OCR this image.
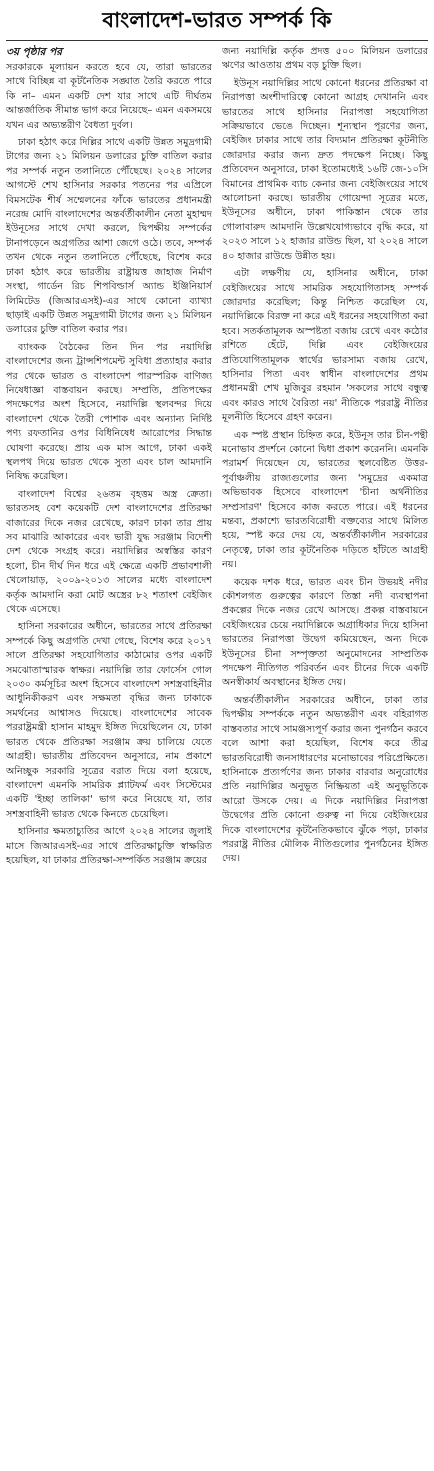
বাংলাদেশ-ভারত সম্পর্ক কি
৩য় পৃষ্ঠার পর

সরকারকে মূল্যায়ন করতে হবে যে, তারা ভারতের সাথে বিচ্ছিন্ন বা কূটনৈতিক সঙ্ঘাত তৈরি করতে পারে কি না– এমন একটি দেশ যার সাথে এটি দীর্ঘতম আন্তর্জাতিক সীমান্ত ভাগ করে নিয়েছে– এমন একসময়ে যখন এর অভ্যন্তরীণ বৈধতা দুর্বল।

ঢাকা হঠাৎ করে দিল্লির সাথে একটি উন্নত সমুদ্রগামী টাগের জন্য ২১ মিলিয়ন ডলারের চুক্তি বাতিল করার পর সম্পর্ক নতুন তলানিতে পৌঁছেছে। ২০২৪ সালের আগস্টে শেখ হাসিনার সরকার পতনের পর এপ্রিলে বিমসটেক শীর্ষ সম্মেলনের ফাঁকে ভারতের প্রধানমন্ত্রী নরেন্দ্র মোদি বাংলাদেশের অন্তর্বর্তীকালীন নেতা মুহাম্মদ ইউনূসের সাথে দেখা করলে, দ্বিপক্ষীয় সম্পর্কের টানাপড়েনে অগ্রগতির আশা জেগে ওঠে। তবে, সম্পর্ক তখন থেকে নতুন তলানিতে পৌঁছেছে, বিশেষ করে ঢাকা হঠাৎ করে ভারতীয় রাষ্ট্রায়ত্ত জাহাজ নির্মাণ সংস্থা, গার্ডেন রিচ শিপবিল্ডার্স অ্যান্ড ইঞ্জিনিয়ার্স লিমিটেড (জিআরএসই)-এর সাথে কোনো ব্যাখ্যা ছাড়াই একটি উন্নত সমুদ্রগামী টাগের জন্য ২১ মিলিয়ন ডলারের চুক্তি বাতিল করার পর।

ব্যাংকক বৈঠকের তিন দিন পর নয়াদিল্লি বাংলাদেশের জন্য ট্রান্সশিপমেন্ট সুবিধা প্রত্যাহার করার পর থেকে ভারত ও বাংলাদেশ পারস্পরিক বাণিজ্য নিষেধাজ্ঞা বাস্তবায়ন করছে। সম্প্রতি, প্রতিপক্ষের পদক্ষেপের অংশ হিসেবে, নয়াদিল্লি স্থলবন্দর দিয়ে বাংলাদেশ থেকে তৈরী পোশাক এবং অন্যান্য নির্দিষ্ট পণ্য রফতানির ওপর বিধিনিষেধ আরোপের সিদ্ধান্ত ঘোষণা করেছে। প্রায় এক মাস আগে, ঢাকা একই স্থলপথ দিয়ে ভারত থেকে সুতা এবং চাল আমদানি নিষিদ্ধ করেছিল।

বাংলাদেশ বিশ্বের ২৬তম বৃহত্তম অস্ত্র ক্রেতা। ভারতসহ বেশ কয়েকটি দেশ বাংলাদেশের প্রতিরক্ষা বাজারের দিকে নজর রেখেছে, কারণ ঢাকা তার প্রায় সব মাঝারি আকারের এবং ভারী যুদ্ধ সরঞ্জাম বিদেশী দেশ থেকে সংগ্রহ করে। নয়াদিল্লির অস্বস্তির কারণ হলো, চীন দীর্ঘ দিন ধরে এই ক্ষেত্রে একটি প্রভাবশালী খেলোয়াড়, ২০০৯-২০১৩ সালের মধ্যে বাংলাদেশ কর্তৃক আমদানি করা মোট অস্ত্রের ৮২ শতাংশ বেইজিং থেকে এসেছে।

হাসিনা সরকারের অধীনে, ভারতের সাথে প্রতিরক্ষা সম্পর্কে কিছু অগ্রগতি দেখা গেছে, বিশেষ করে ২০১৭ সালে প্রতিরক্ষা সহযোগিতার কাঠামোর ওপর একটি সমঝোতাস্মারক স্বাক্ষর। নয়াদিল্লি তার ফোর্সেস গোল ২০৩০ কর্মসূচির অংশ হিসেবে বাংলাদেশ সশস্ত্রবাহিনীর আধুনিকীকরণ এবং সক্ষমতা বৃদ্ধির জন্য ঢাকাকে সমর্থনের আশ্বাসও দিয়েছে। বাংলাদেশের সাবেক পররাষ্ট্রমন্ত্রী হাসান মাহমুদ ইঙ্গিত দিয়েছিলেন যে, ঢাকা ভারত থেকে প্রতিরক্ষা সরঞ্জাম ক্রয় চালিয়ে যেতে আগ্রহী। ভারতীয় প্রতিবেদন অনুসারে, নাম প্রকাশে অনিচ্ছুক সরকারি সূত্রের বরাত দিয়ে বলা হয়েছে, বাংলাদেশ এমনকি সামরিক প্ল্যাটফর্ম এবং সিস্টেমের একটি 'ইচ্ছা তালিকা' ভাগ করে নিয়েছে যা, তার সশস্ত্রবাহিনী ভারত থেকে কিনতে চেয়েছিল।

হাসিনার ক্ষমতাচ্যুতির আগে ২০২৪ সালের জুলাই মাসে জিআরএসই-এর সাথে প্রতিরক্ষাচুক্তি স্বাক্ষরিত হয়েছিল, যা ঢাকার প্রতিরক্ষা-সম্পর্কিত সরঞ্জাম ক্রয়ের

জন্য নয়াদিল্লি কর্তৃক প্রদত্ত ৫০০ মিলিয়ন ডলারের ঋণের আওতায় প্রথম বড় চুক্তি ছিল।

ইউনূস নয়াদিল্লির সাথে কোনো ধরনের প্রতিরক্ষা বা নিরাপত্তা অংশীদারিত্বে কোনো আগ্রহ দেখাননি এবং ভারতের সাথে হাসিনার নিরাপত্তা সহযোগিতা সক্রিয়ভাবে ভেঙে দিচ্ছেন। শূন্যস্থান পূরণের জন্য, বেইজিং ঢাকার সাথে তার বিদ্যমান প্রতিরক্ষা কূটনীতি জোরদার করার জন্য দ্রুত পদক্ষেপ নিচ্ছে। কিছু প্রতিবেদন অনুসারে, ঢাকা ইতোমধ্যেই ১৬টি জে-১০সি বিমানের প্রাথমিক ব্যাচ কেনার জন্য বেইজিংয়ের সাথে আলোচনা করছে। ভারতীয় গোয়েন্দা সূত্রের মতে, ইউনূসের অধীনে, ঢাকা পাকিস্তান থেকে তার গোলাবারুদ আমদানি উল্লেখযোগ্যভাবে বৃদ্ধি করে, যা ২০২৩ সালে ১২ হাজার রাউন্ড ছিল, যা ২০২৪ সালে ৪০ হাজার রাউন্ডে উন্নীত হয়।

এটা লক্ষণীয় যে, হাসিনার অধীনে, ঢাকা বেইজিংয়ের সাথে সামরিক সহযোগিতাসহ সম্পর্ক জোরদার করেছিল; কিন্তু নিশ্চিত করেছিল যে, নয়াদিল্লিকে বিরক্ত না করে এই ধরনের সহযোগিতা করা হবে। সতর্কতামূলক অস্পষ্টতা বজায় রেখে এবং কঠোর রশিতে হেঁটে, দিল্লি এবং বেইজিংয়ের প্রতিযোগিতামূলক স্বার্থের ভারসাম্য বজায় রেখে, হাসিনার পিতা এবং স্বাধীন বাংলাদেশের প্রথম প্রধানমন্ত্রী শেখ মুজিবুর রহমান 'সকলের সাথে বন্ধুত্ব এবং কারও সাথে বৈরিতা নয়' নীতিকে পররাষ্ট্র নীতির মূলনীতি হিসেবে গ্রহণ করেন।

এক স্পষ্ট প্রস্থান চিহ্নিত করে, ইউনূস তার চীন-পন্থী মনোভাব প্রদর্শনে কোনো দ্বিধা প্রকাশ করেননি। এমনকি পরামর্শ দিয়েছেন যে, ভারতের স্থলবেষ্টিত উত্তর-পূর্বাঞ্চলীয় রাজ্যগুলোর জন্য 'সমুদ্রের একমাত্র অভিভাবক হিসেবে বাংলাদেশ 'চীনা অর্থনীতির সম্প্রসারণ' হিসেবে কাজ করতে পারে। এই ধরনের মন্তব্য, প্রকাশ্যে ভারতবিরোধী বক্তব্যের সাথে মিলিত হয়ে, স্পষ্ট করে দেয় যে, অন্তর্বর্তীকালীন সরকারের নেতৃত্বে, ঢাকা তার কূটনৈতিক দড়িতে হাঁটতে আগ্রহী নয়।

কয়েক দশক ধরে, ভারত এবং চীন উভয়ই নদীর কৌশলগত গুরুত্বের কারণে তিস্তা নদী ব্যবস্থাপনা প্রকল্পের দিকে নজর রেখে আসছে। প্রকল্প বাস্তবায়নে বেইজিংয়ের চেয়ে নয়াদিল্লিকে অগ্রাধিকার দিয়ে হাসিনা ভারতের নিরাপত্তা উদ্বেগ কমিয়েছেন, অন্য দিকে ইউনূসের চীনা সম্পৃক্ততা অনুমোদনের সাম্প্রতিক পদক্ষেপ নীতিগত পরিবর্তন এবং চীনের দিকে একটি অনস্বীকার্য অবস্থানের ইঙ্গিত দেয়।

অন্তর্বর্তীকালীন সরকারের অধীনে, ঢাকা তার দ্বিপক্ষীয় সম্পর্ককে নতুন অভ্যন্তরীণ এবং বহিরাগত বাস্তবতার সাথে সামঞ্জস্যপূর্ণ করার জন্য পুনর্গঠন করবে বলে আশা করা হয়েছিল, বিশেষ করে তীব্র ভারতবিরোধী জনসাধারণের মনোভাবের পরিপ্রেক্ষিতে। হাসিনাকে প্রত্যর্পণের জন্য ঢাকার বারবার অনুরোধের প্রতি নয়াদিল্লির অনুভূত নিষ্ক্রিয়তা এই অনুভূতিকে আরো উসকে দেয়। এ দিকে নয়াদিল্লির নিরাপত্তা উদ্বেগের প্রতি কোনো গুরুত্ব না দিয়ে বেইজিংয়ের দিকে বাংলাদেশের কূটনৈতিকভাবে ঝুঁকে পড়া, ঢাকার পররাষ্ট্র নীতির মৌলিক নীতিগুলোর পুনর্গঠনের ইঙ্গিত দেয়।
